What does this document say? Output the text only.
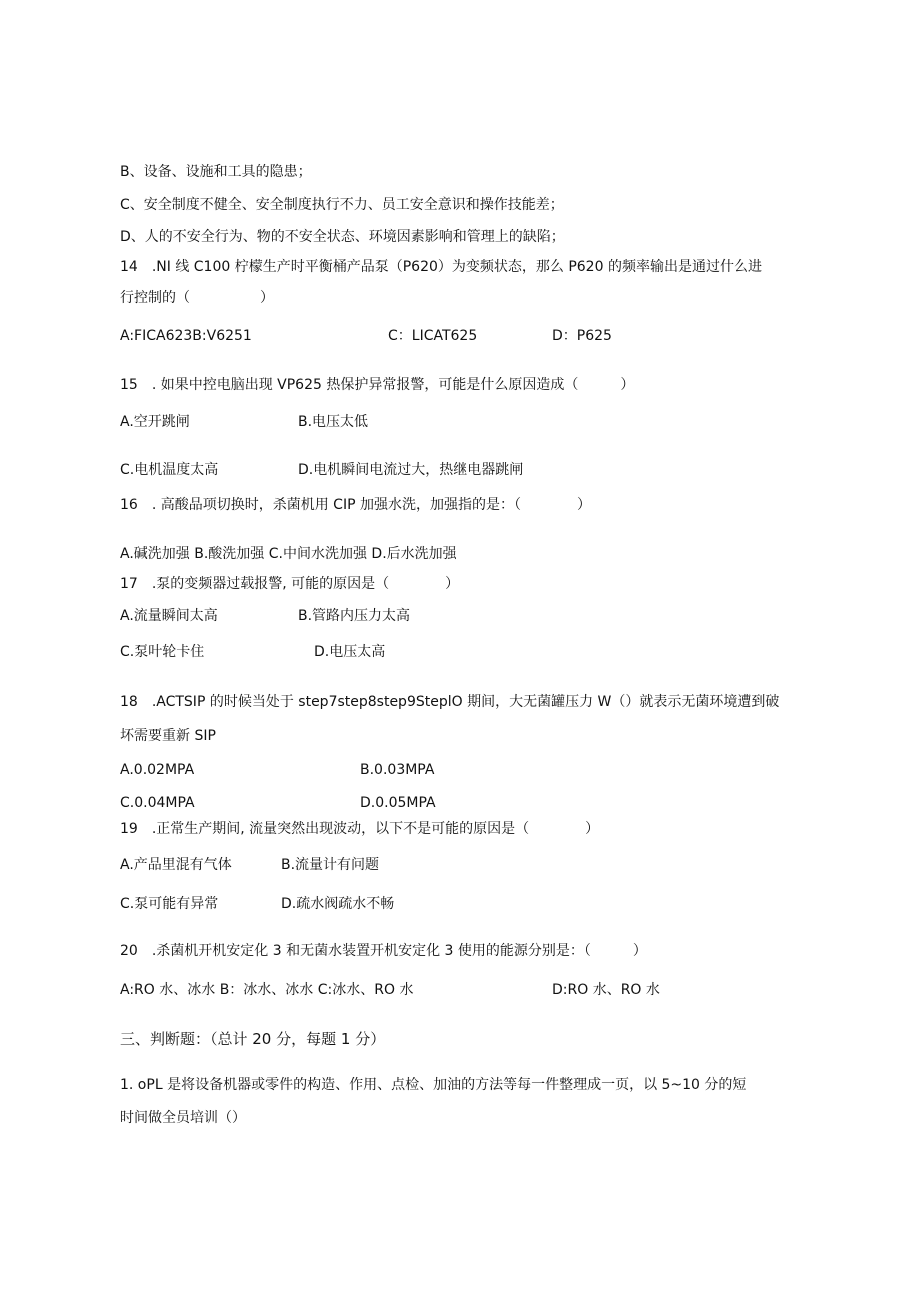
B、设备、设施和工具的隐患；
C、安全制度不健全、安全制度执行不力、员工安全意识和操作技能差；
D、人的不安全行为、物的不安全状态、环境因素影响和管理上的缺陷；
14　.NI 线 C100 柠檬生产时平衡桶产品泵（P620）为变频状态，那么 P620 的频率输出是通过什么进
行控制的（　　　　　）
A:FICA623B:V6251	C：LICAT625	D：P625
15　. 如果中控电脑出现 VP625 热保护异常报警，可能是什么原因造成（　　　）
A.空开跳闸	B.电压太低
C.电机温度太高	D.电机瞬间电流过大，热继电器跳闸
16　. 高酸品项切换时，杀菌机用 CIP 加强水洗，加强指的是：（　　　　）
A.碱洗加强 B.酸洗加强 C.中间水洗加强 D.后水洗加强
17　.泵的变频器过载报警, 可能的原因是（　　　　）
A.流量瞬间太高	B.管路内压力太高
C.泵叶轮卡住	D.电压太高
18　.ACTSIP 的时候当处于 step7step8step9SteplO 期间，大无菌罐压力 W（）就表示无菌环境遭到破
坏需要重新 SIP
A.0.02MPA	B.0.03MPA
C.0.04MPA	D.0.05MPA
19　.正常生产期间, 流量突然出现波动，以下不是可能的原因是（　　　　）
A.产品里混有气体	B.流量计有问题
C.泵可能有异常	D.疏水阀疏水不畅
20　.杀菌机开机安定化 3 和无菌水装置开机安定化 3 使用的能源分别是：（　　　）
A:RO 水、冰水 B：冰水、冰水 C:冰水、RO 水	D:RO 水、RO 水
三、判断题：（总计 20 分，每题 1 分）
1. oPL 是将设备机器或零件的构造、作用、点检、加油的方法等每一件整理成一页，以 5~10 分的短
时间做全员培训（）
